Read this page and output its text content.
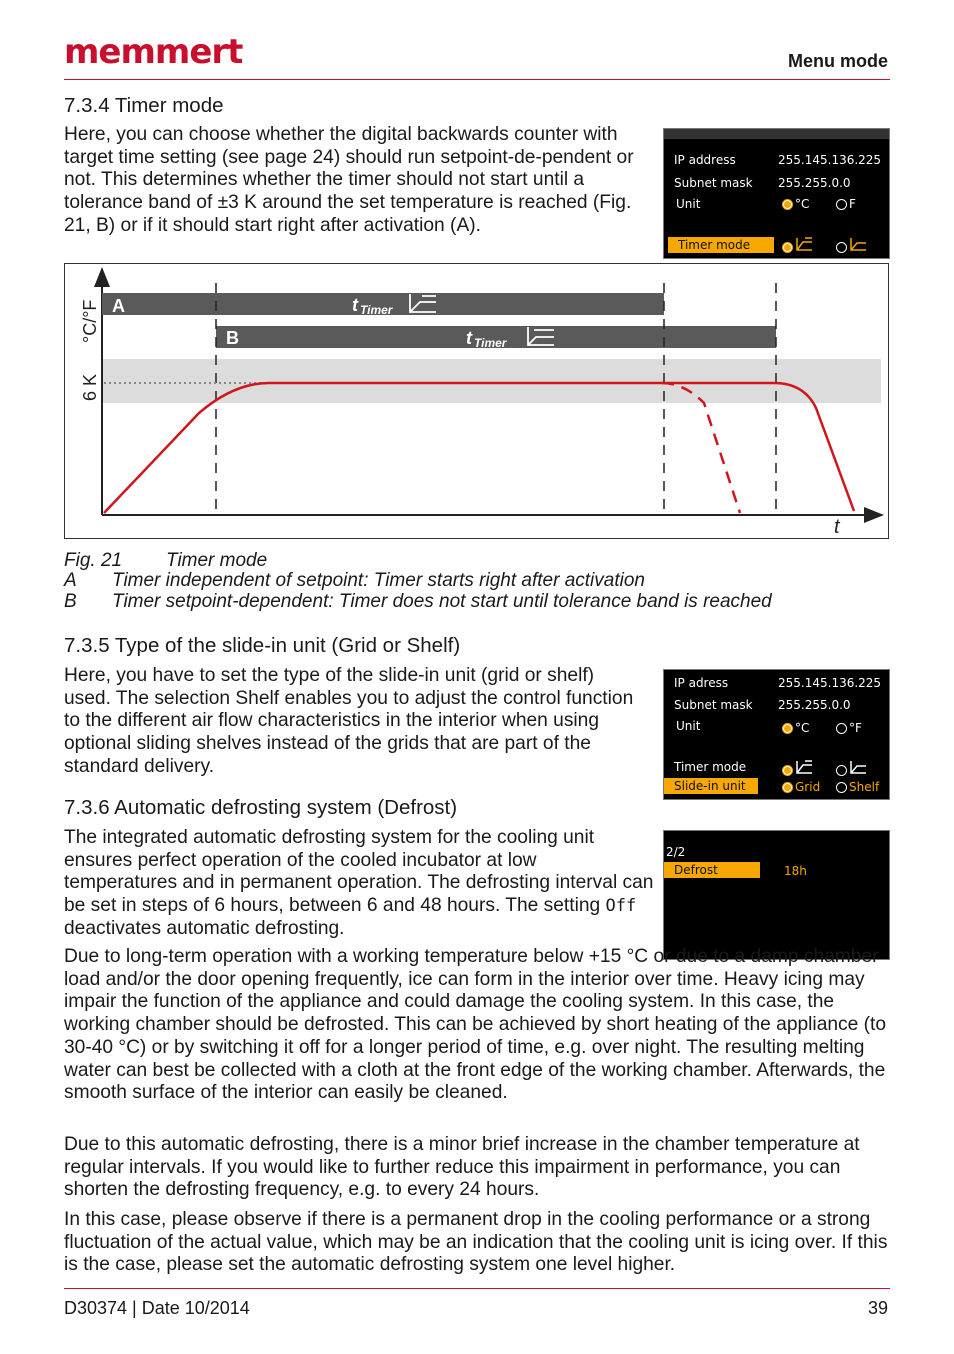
memmert	Menu mode
7.3.4 Timer mode

Here, you can choose whether the digital backwards counter with target time setting (see page 24) should run setpoint-de-pendent or not. This determines whether the timer should not start until a tolerance band of ±3 K around the set temperature is reached (Fig. 21, B) or if it should start right after activation (A).

IP address	255.145.136.225
Subnet mask 255.255.0.0
Unit	°C	F
Timer mode
A
B
t Timer
t Timer
°C/°F
6 K
t
Fig. 21 Timer mode
A Timer independent of setpoint: Timer starts right after activation
B Timer setpoint-dependent: Timer does not start until tolerance band is reached
7.3.5 Type of the slide-in unit (Grid or Shelf)

Here, you have to set the type of the slide-in unit (grid or shelf) used. The selection Shelf enables you to adjust the control function to the different air flow characteristics in the interior when using optional sliding shelves instead of the grids that are part of the standard delivery.

IP adress	255.145.136.225
Subnet mask 255.255.0.0
Unit	°C	°F
Timer mode
Slide-in unit	Grid	Shelf
7.3.6 Automatic defrosting system (Defrost)

The integrated automatic defrosting system for the cooling unit ensures perfect operation of the cooled incubator at low temperatures and in permanent operation. The defrosting interval can be set in steps of 6 hours, between 6 and 48 hours. The setting Off deactivates automatic defrosting.

2/2
Defrost	18h

Due to long-term operation with a working temperature below +15 °C or due to a damp chamber load and/or the door opening frequently, ice can form in the interior over time. Heavy icing may impair the function of the appliance and could damage the cooling system. In this case, the working chamber should be defrosted. This can be achieved by short heating of the appliance (to 30-40 °C) or by switching it off for a longer period of time, e.g. over night. The resulting melting water can best be collected with a cloth at the front edge of the working chamber. Afterwards, the smooth surface of the interior can easily be cleaned.

Due to this automatic defrosting, there is a minor brief increase in the chamber temperature at regular intervals. If you would like to further reduce this impairment in performance, you can shorten the defrosting frequency, e.g. to every 24 hours.

In this case, please observe if there is a permanent drop in the cooling performance or a strong fluctuation of the actual value, which may be an indication that the cooling unit is icing over. If this is the case, please set the automatic defrosting system one level higher.

D30374 | Date 10/2014	39
